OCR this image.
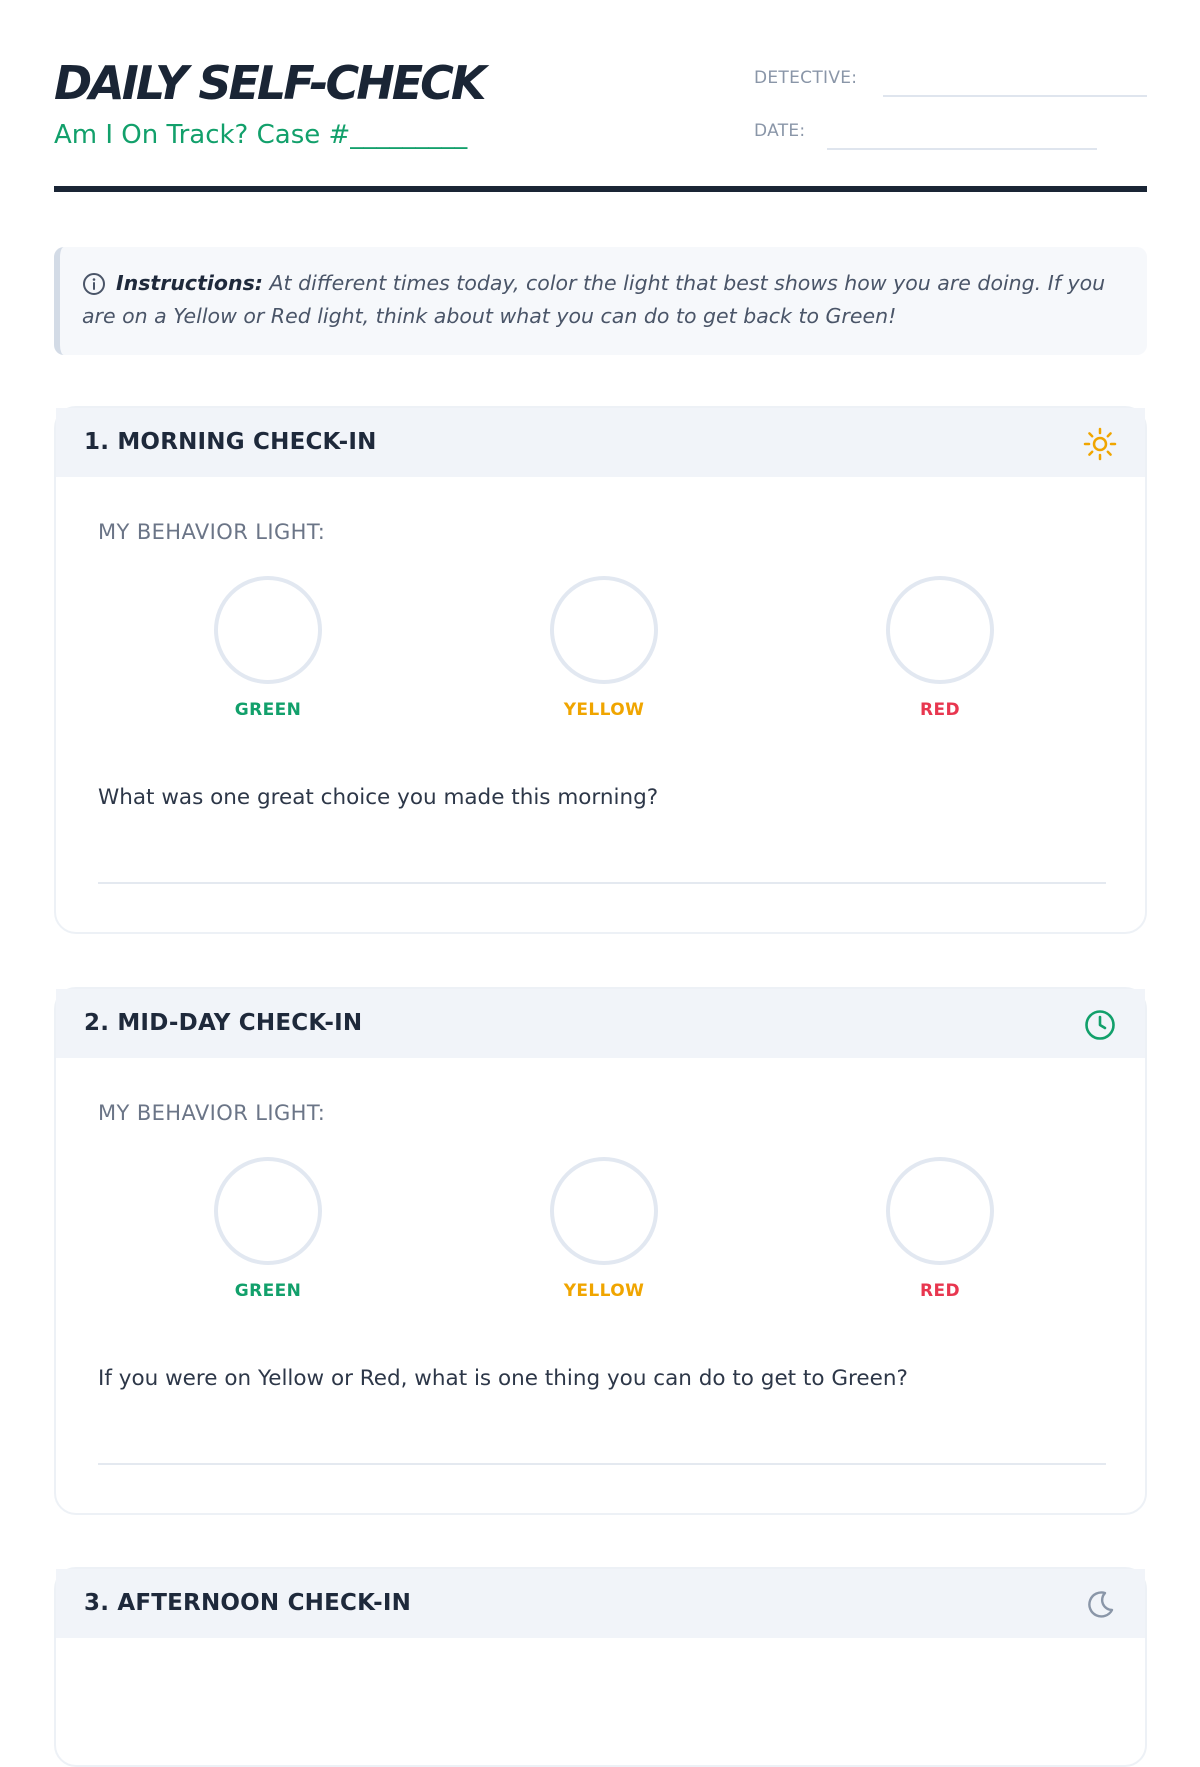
DAILY SELF-CHECK
Am I On Track? Case #_________
DETECTIVE:
DATE:
Instructions: At different times today, color the light that best shows how you are doing. If you are on a Yellow or Red light, think about what you can do to get back to Green!
1. MORNING CHECK-IN
MY BEHAVIOR LIGHT:
GREEN	YELLOW	RED
What was one great choice you made this morning?
2. MID-DAY CHECK-IN
MY BEHAVIOR LIGHT:
GREEN	YELLOW	RED
If you were on Yellow or Red, what is one thing you can do to get to Green?
3. AFTERNOON CHECK-IN
